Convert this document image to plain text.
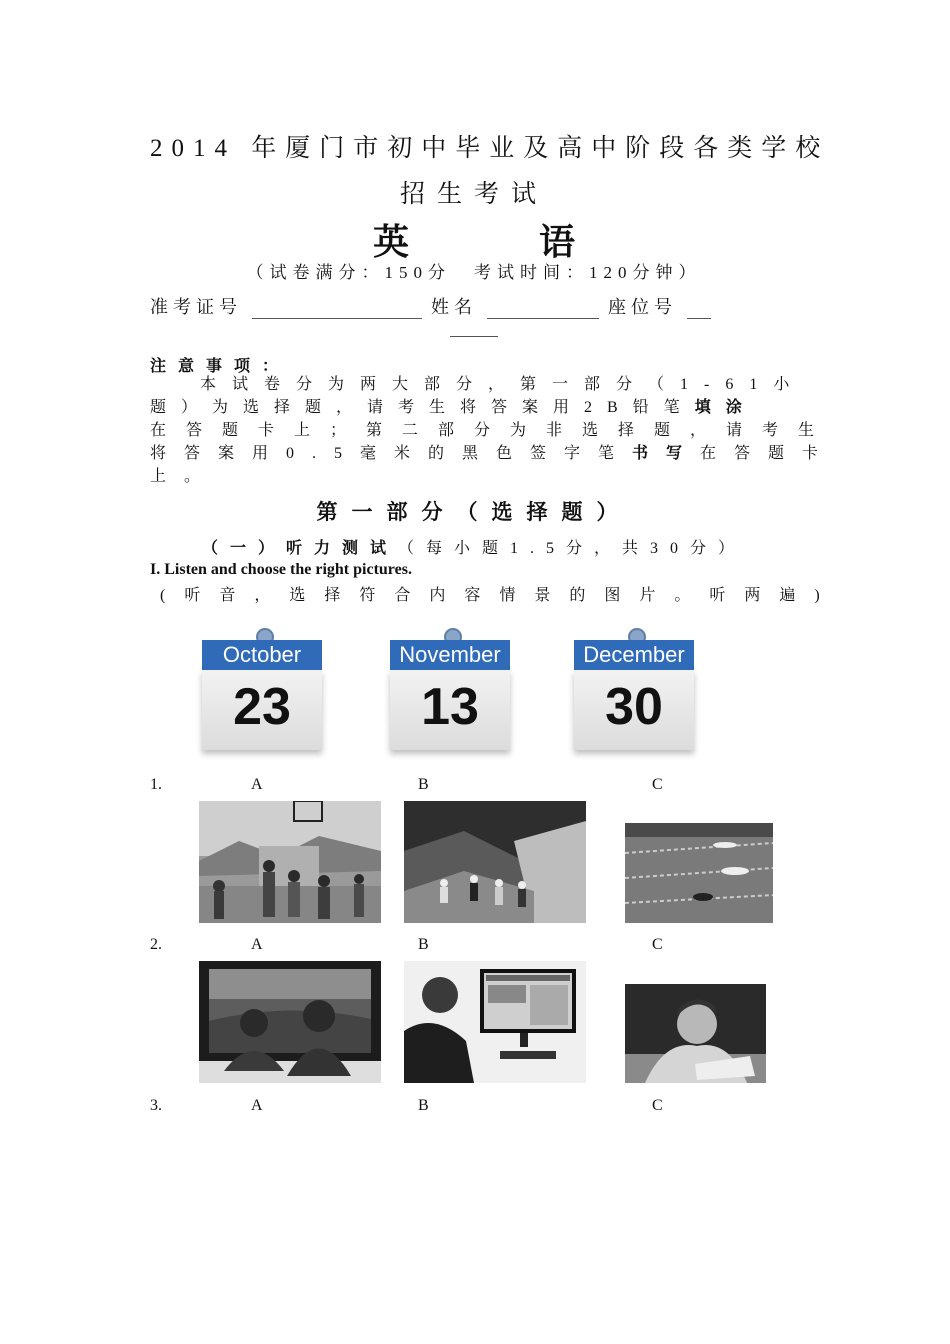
2014 年厦门市初中毕业及高中阶段各类学校
招生考试
英	语
（试卷满分：150分　考试时间：120分钟）
准考证号	姓名	座位号
注意事项：
本试卷分为两大部分，第一部分（1-61小
题）为选择题，请考生将答案用2B铅笔填涂
在答题卡上；第二部分为非选择题，请考生
将答案用0.5毫米的黑色签字笔书写在答题卡
上。
第一部分（选择题）
（一）听力测试（每小题1.5分，共30分）
I. Listen and choose the right pictures.
(听音，选择符合内容情景的图片。听两遍)
October
23
November
13
December
30
1.	A	B	C
2.	A	B	C
3.	A	B	C
